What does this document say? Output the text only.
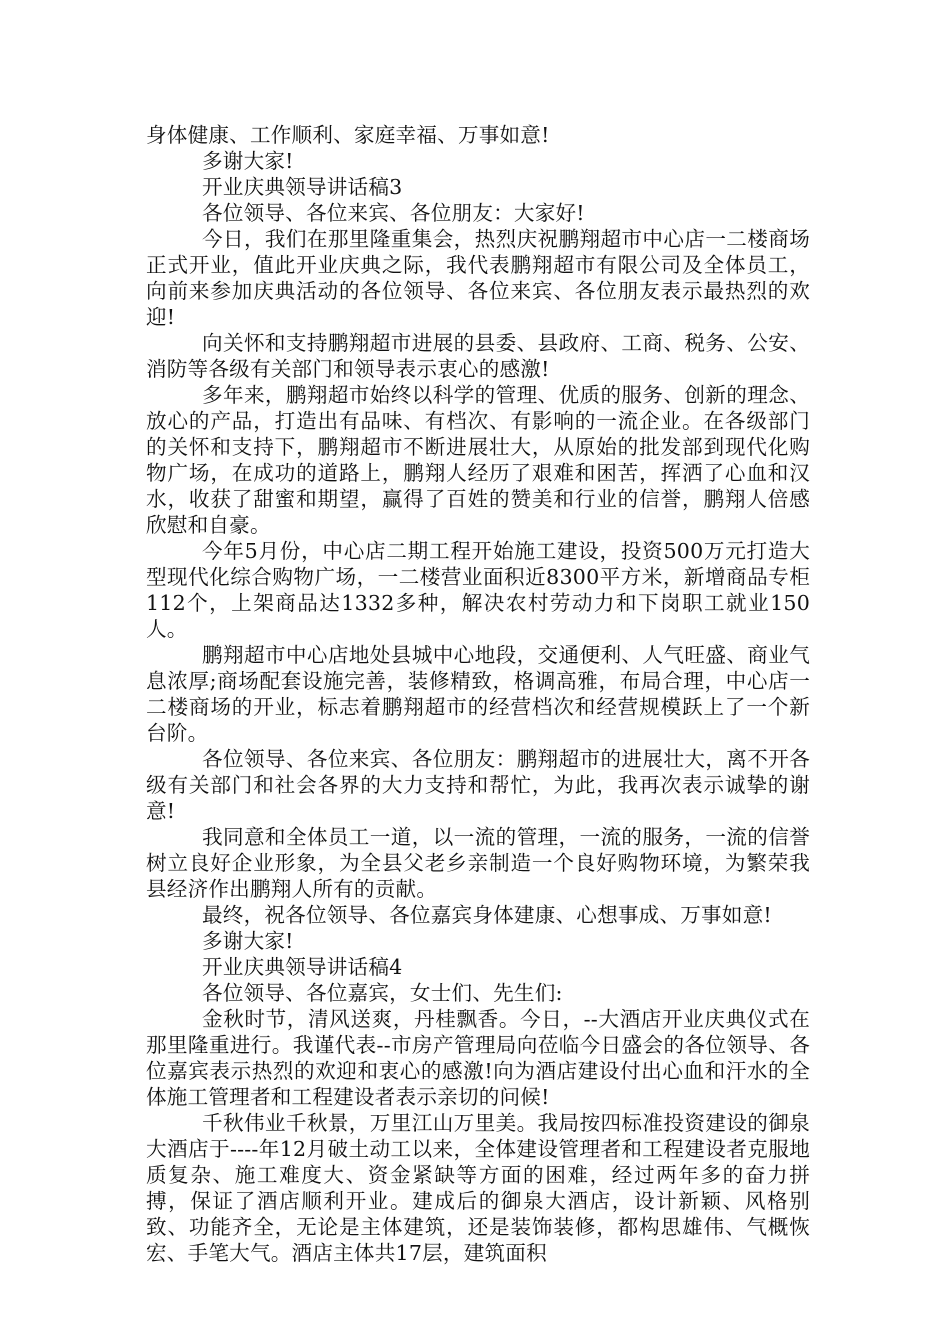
身体健康、工作顺利、家庭幸福、万事如意!

多谢大家!

开业庆典领导讲话稿3

各位领导、各位来宾、各位朋友：大家好!

今日，我们在那里隆重集会，热烈庆祝鹏翔超市中心店一二楼商场正式开业，值此开业庆典之际，我代表鹏翔超市有限公司及全体员工，向前来参加庆典活动的各位领导、各位来宾、各位朋友表示最热烈的欢迎!

向关怀和支持鹏翔超市进展的县委、县政府、工商、税务、公安、消防等各级有关部门和领导表示衷心的感激!

多年来，鹏翔超市始终以科学的管理、优质的服务、创新的理念、放心的产品，打造出有品味、有档次、有影响的一流企业。在各级部门的关怀和支持下，鹏翔超市不断进展壮大，从原始的批发部到现代化购物广场，在成功的道路上，鹏翔人经历了艰难和困苦，挥洒了心血和汉水，收获了甜蜜和期望，赢得了百姓的赞美和行业的信誉，鹏翔人倍感欣慰和自豪。

今年5月份，中心店二期工程开始施工建设，投资500万元打造大型现代化综合购物广场，一二楼营业面积近8300平方米，新增商品专柜112个，上架商品达1332多种，解决农村劳动力和下岗职工就业150人。

鹏翔超市中心店地处县城中心地段，交通便利、人气旺盛、商业气息浓厚;商场配套设施完善，装修精致，格调高雅，布局合理，中心店一二楼商场的开业，标志着鹏翔超市的经营档次和经营规模跃上了一个新台阶。

各位领导、各位来宾、各位朋友：鹏翔超市的进展壮大，离不开各级有关部门和社会各界的大力支持和帮忙，为此，我再次表示诚挚的谢意!

我同意和全体员工一道，以一流的管理，一流的服务，一流的信誉树立良好企业形象，为全县父老乡亲制造一个良好购物环境，为繁荣我县经济作出鹏翔人所有的贡献。

最终，祝各位领导、各位嘉宾身体建康、心想事成、万事如意!

多谢大家!

开业庆典领导讲话稿4

各位领导、各位嘉宾，女士们、先生们:

金秋时节，清风送爽，丹桂飘香。今日，--大酒店开业庆典仪式在那里隆重进行。我谨代表--市房产管理局向莅临今日盛会的各位领导、各位嘉宾表示热烈的欢迎和衷心的感激!向为酒店建设付出心血和汗水的全体施工管理者和工程建设者表示亲切的问候!

千秋伟业千秋景，万里江山万里美。我局按四标准投资建设的御泉大酒店于----年12月破土动工以来，全体建设管理者和工程建设者克服地质复杂、施工难度大、资金紧缺等方面的困难，经过两年多的奋力拼搏，保证了酒店顺利开业。建成后的御泉大酒店，设计新颖、风格别致、功能齐全，无论是主体建筑，还是装饰装修，都构思雄伟、气概恢宏、手笔大气。酒店主体共17层，建筑面积
